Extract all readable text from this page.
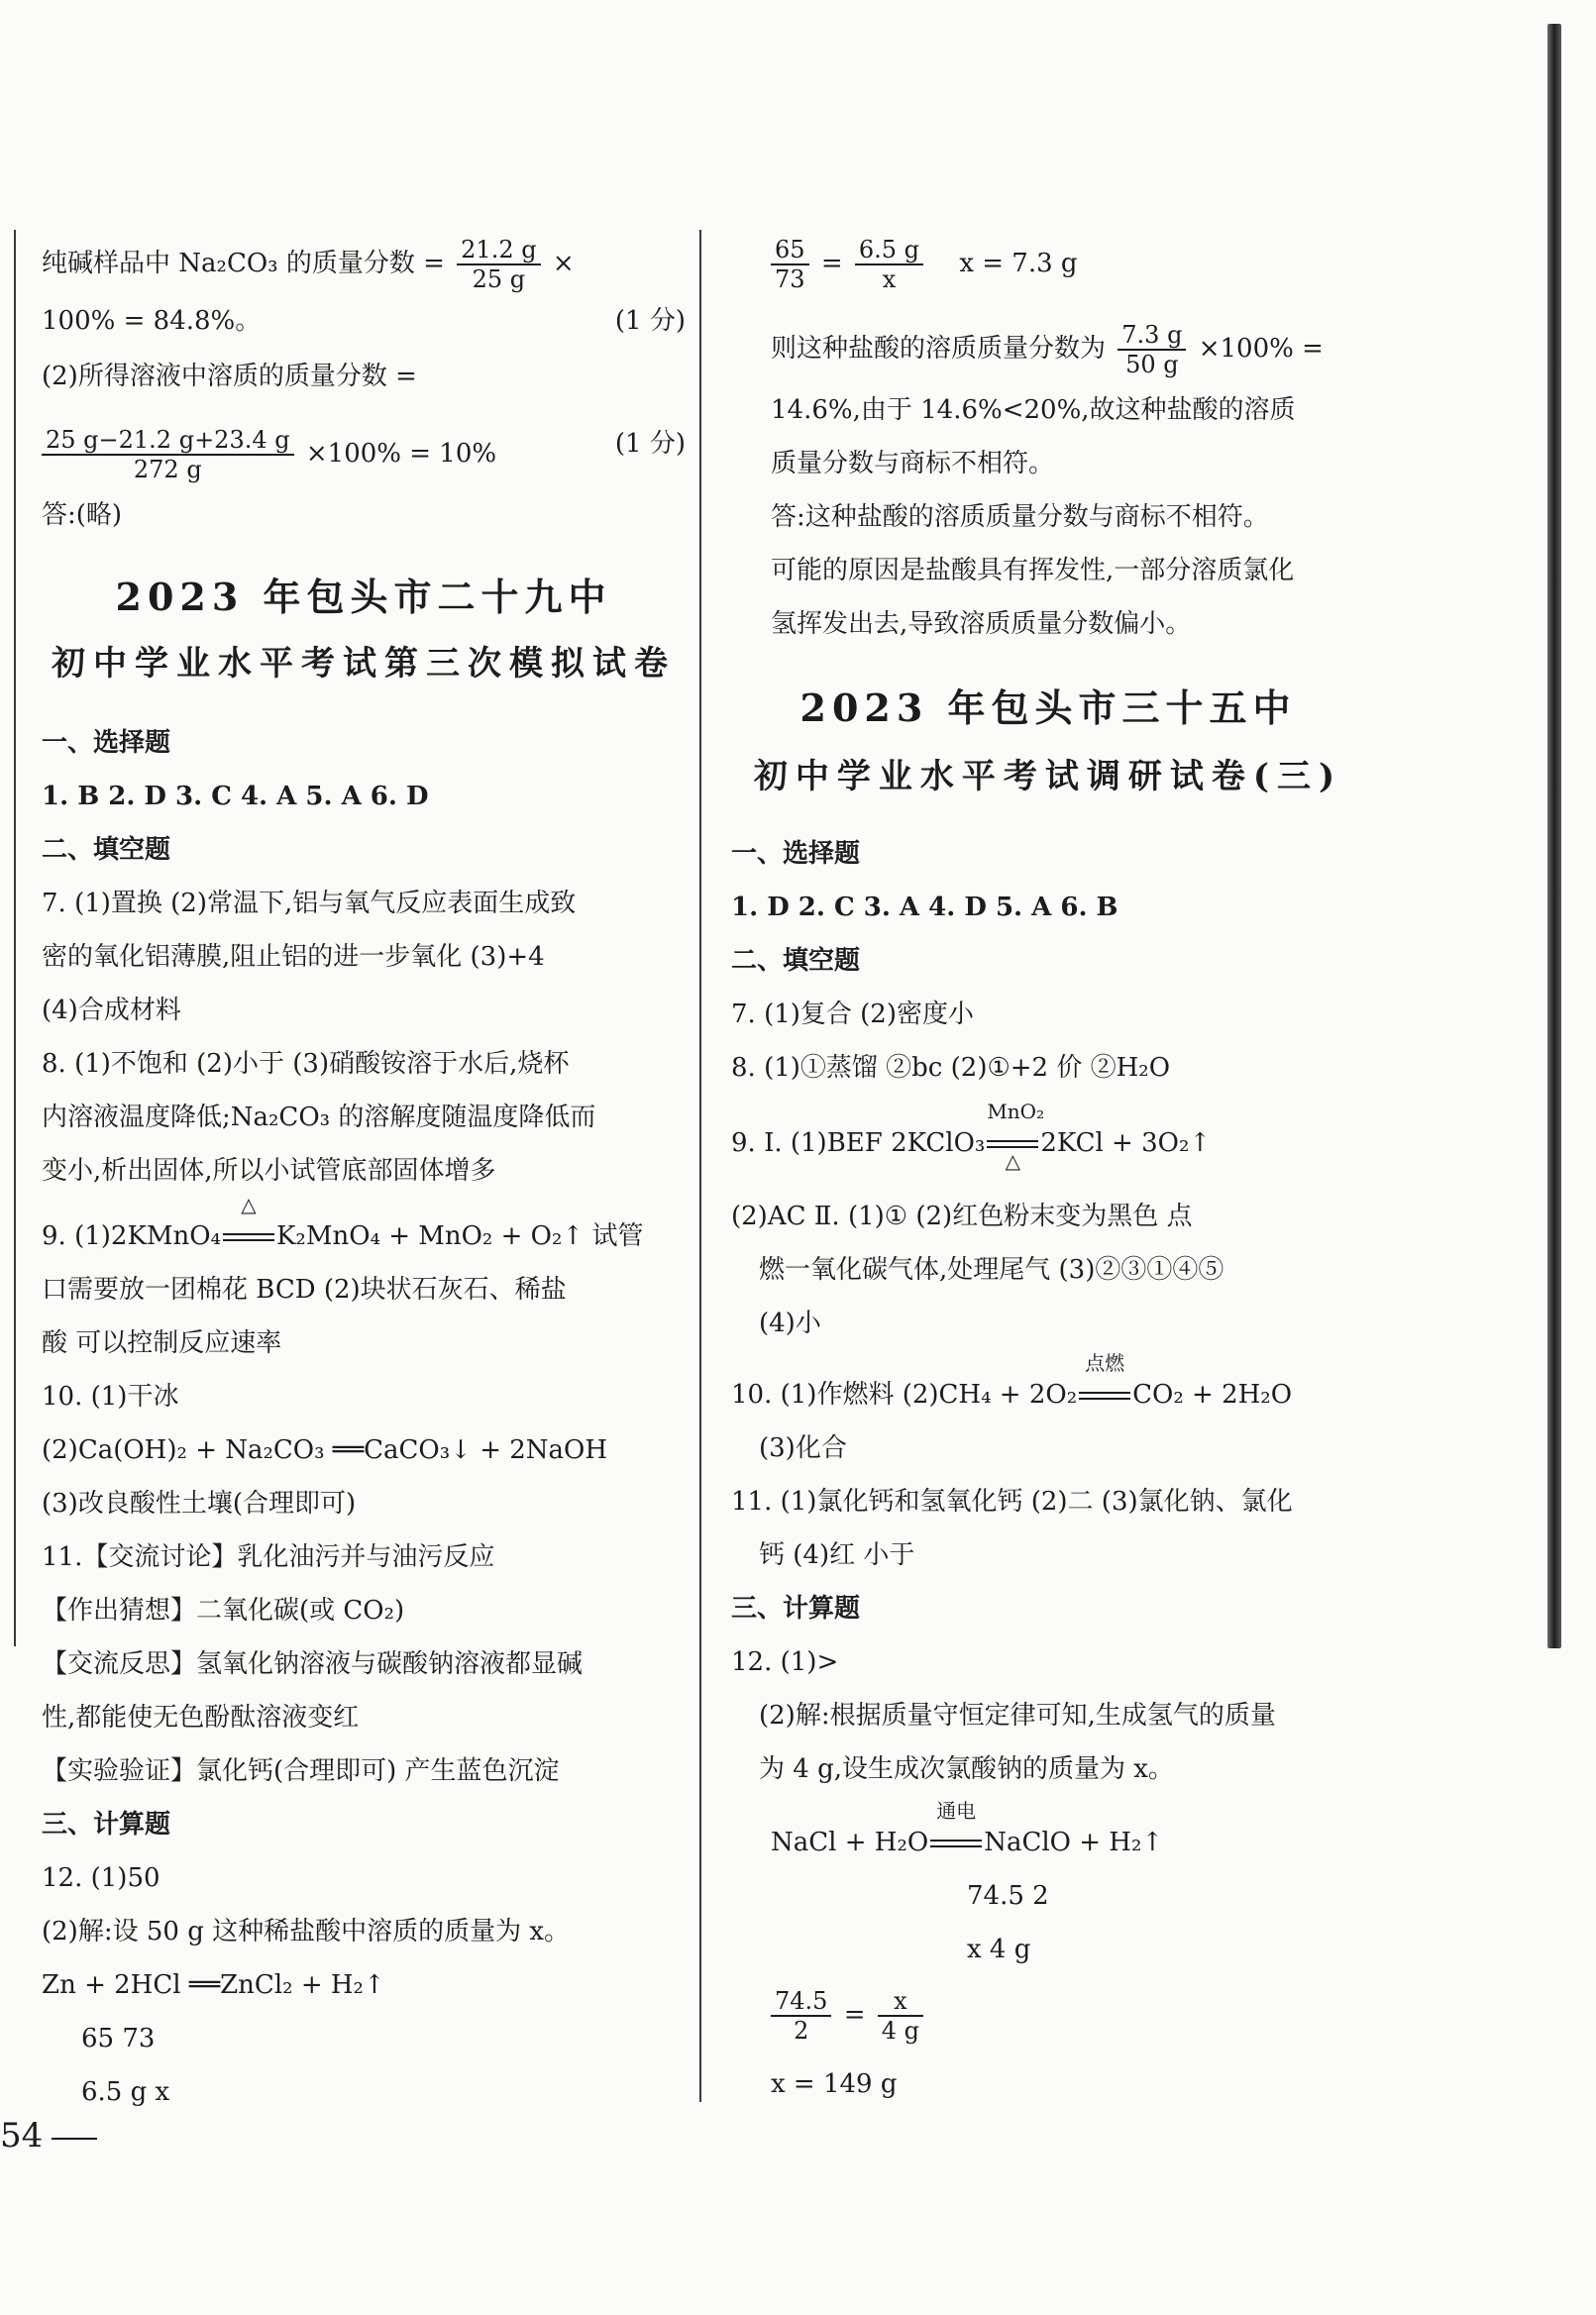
纯碱样品中 Na₂CO₃ 的质量分数 = $\frac{21.2 g}{25 g}$ ×
100% = 84.8%。	(1 分)
(2)所得溶液中溶质的质量分数 =
$\frac{25 g-21.2 g+23.4 g}{272 g} \times 100\% = 10\%$	(1 分)
答:(略)
2023 年包头市二十九中
初中学业水平考试第三次模拟试卷
一、选择题
1. B 2. D 3. C 4. A 5. A 6. D
二、填空题
7. (1)置换 (2)常温下,铝与氧气反应表面生成致
密的氧化铝薄膜,阻止铝的进一步氧化 (3)+4
(4)合成材料
8. (1)不饱和 (2)小于 (3)硝酸铵溶于水后,烧杯
内溶液温度降低;Na₂CO₃ 的溶解度随温度降低而
变小,析出固体,所以小试管底部固体增多
9. (1)2KMnO₄
△
K₂MnO₄ + MnO₂ + O₂↑ 试管
口需要放一团棉花 BCD (2)块状石灰石、稀盐
酸 可以控制反应速率
10. (1)干冰
(2)Ca(OH)₂ + Na₂CO₃ ══CaCO₃↓ + 2NaOH
(3)改良酸性土壤(合理即可)
11.【交流讨论】乳化油污并与油污反应
【作出猜想】二氧化碳(或 CO₂)
【交流反思】氢氧化钠溶液与碳酸钠溶液都显碱
性,都能使无色酚酞溶液变红
【实验验证】氯化钙(合理即可) 产生蓝色沉淀
三、计算题
12. (1)50
(2)解:设 50 g 这种稀盐酸中溶质的质量为 x。
Zn + 2HCl ══ZnCl₂ + H₂↑
65 73
6.5 g x
$\frac{65}{73} = \frac{6.5 g}{x}$ x = 7.3 g
则这种盐酸的溶质质量分数为 $\frac{7.3 g}{50 g} \times 100\%$ =
14.6%,由于 14.6%<20%,故这种盐酸的溶质
质量分数与商标不相符。
答:这种盐酸的溶质质量分数与商标不相符。
可能的原因是盐酸具有挥发性,一部分溶质氯化
氢挥发出去,导致溶质质量分数偏小。
2023 年包头市三十五中
初中学业水平考试调研试卷(三)
一、选择题
1. D 2. C 3. A 4. D 5. A 6. B
二、填空题
7. (1)复合 (2)密度小
8. (1)①蒸馏 ②bc (2)①+2 价 ②H₂O
9. Ⅰ. (1)BEF 2KClO₃
MnO₂
△
2KCl + 3O₂↑
(2)AC Ⅱ. (1)① (2)红色粉末变为黑色 点
燃一氧化碳气体,处理尾气 (3)②③①④⑤
(4)小
10. (1)作燃料 (2)CH₄ + 2O₂
点燃
CO₂ + 2H₂O
(3)化合
11. (1)氯化钙和氢氧化钙 (2)二 (3)氯化钠、氯化
钙 (4)红 小于
三、计算题
12. (1)>
(2)解:根据质量守恒定律可知,生成氢气的质量
为 4 g,设生成次氯酸钠的质量为 x。
NaCl + H₂O
通电
NaClO + H₂↑
74.5 2
x 4 g
$\frac{74.5}{2} = \frac{x}{4 g}$
x = 149 g
54
